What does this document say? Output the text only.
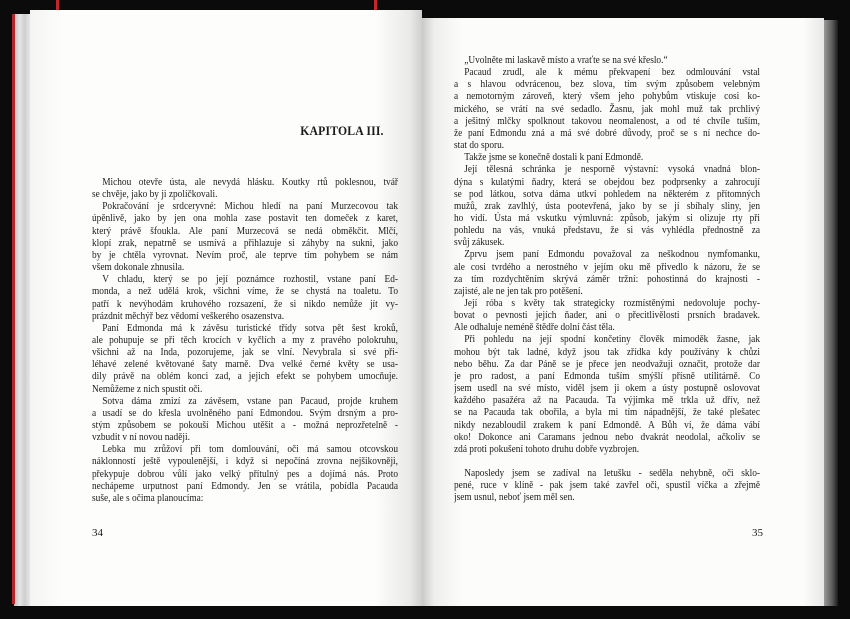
KAPITOLA III.
Michou otevře ústa, ale nevydá hlásku. Koutky rtů poklesnou, tvář
se chvěje, jako by ji zpolíčkovali.
Pokračování je srdceryvné: Michou hledí na paní Murzecovou tak
úpěnlivě, jako by jen ona mohla zase postavit ten domeček z karet,
který právě šfoukla. Ale paní Murzecová se nedá obměkčit. Mlčí,
klopí zrak, nepatrně se usmívá a přihlazuje si záhyby na sukni, jako
by je chtěla vyrovnat. Nevím proč, ale teprve tím pohybem se nám
všem dokonale zhnusila.
V chladu, který se po její poznámce rozhostil, vstane paní Ed-
monda, a než udělá krok, všichni víme, že se chystá na toaletu. To
patří k nevýhodám kruhového rozsazení, že si nikdo nemůže jít vy-
prázdnit měchýř bez vědomí veškerého osazenstva.
Paní Edmonda má k závěsu turistické třídy sotva pět šest kroků,
ale pohupuje se při těch krocích v kyčlích a my z pravého polokruhu,
všichni až na Inda, pozorujeme, jak se vlní. Nevybrala si své při-
léhavé zelené květované šaty marně. Dva velké černé květy se usa-
dily právě na oblém konci zad, a jejich efekt se pohybem umocňuje.
Nemůžeme z nich spustit oči.
Sotva dáma zmizí za závěsem, vstane pan Pacaud, projde kruhem
a usadí se do křesla uvolněného paní Edmondou. Svým drsným a pro-
stým způsobem se pokouší Michou utěšit a - možná neprozřetelně -
vzbudit v ní novou naději.
Lebka mu zrůžoví při tom domlouvání, oči má samou otcovskou
náklonností ještě vypoulenější, i když si nepočíná zrovna nejšikovněji,
překypuje dobrou vůlí jako velký přítulný pes a dojímá nás. Proto
nechápeme urputnost paní Edmondy. Jen se vrátila, pobídla Pacauda
suše, ale s očima planoucíma:
34
„Uvolněte mi laskavě místo a vraťte se na své křeslo.“
Pacaud zrudl, ale k mému překvapení bez odmlouvání vstal
a s hlavou odvrácenou, bez slova, tím svým způsobem velebným
a nemotorným zároveň, který všem jeho pohybům vtiskuje cosi ko-
mického, se vrátí na své sedadlo. Žasnu, jak mohl muž tak prchlivý
a ješitný mlčky spolknout takovou neomalenost, a od té chvíle tuším,
že paní Edmondu zná a má své dobré důvody, proč se s ní nechce do-
stat do sporu.
Takže jsme se konečně dostali k paní Edmondě.
Její tělesná schránka je nesporně výstavní: vysoká vnadná blon-
dýna s kulatými ňadry, která se obejdou bez podprsenky a zahrocují
se pod látkou, sotva dáma utkví pohledem na některém z přítomných
mužů, zrak zavlhlý, ústa pootevřená, jako by se jí sbíhaly sliny, jen
ho vidí. Ústa má vskutku výmluvná: způsob, jakým si olizuje rty při
pohledu na vás, vnuká představu, že si vás vyhlédla přednostně za
svůj zákusek.
Zprvu jsem paní Edmondu považoval za neškodnou nymfomanku,
ale cosi tvrdého a nerostného v jejím oku mě přivedlo k názoru, že se
za tím rozdychtěním skrývá záměr tržní: pohostinná do krajnosti -
zajisté, ale ne jen tak pro potěšení.
Její róba s květy tak strategicky rozmístěnými nedovoluje pochy-
bovat o pevnosti jejích ňader, ani o přecitlivělosti prsních bradavek.
Ale odhaluje neméně štědře dolní část těla.
Při pohledu na její spodní končetiny člověk mimoděk žasne, jak
mohou být tak ladné, když jsou tak zřídka kdy používány k chůzi
nebo běhu. Za dar Páně se je přece jen neodvažuji označit, protože dar
je pro radost, a paní Edmonda tuším smýšlí přísně utilitárně. Co
jsem usedl na své místo, viděl jsem ji okem a ústy postupně oslovovat
každého pasažéra až na Pacauda. Ta výjimka mě trkla už dřív, než
se na Pacauda tak obořila, a byla mi tím nápadnější, že také plešatec
nikdy nezabloudil zrakem k paní Edmondě. A Bůh ví, že dáma vábí
oko! Dokonce ani Caramans jednou nebo dvakrát neodolal, ačkoliv se
zdá proti pokušení tohoto druhu dobře vyzbrojen.
Naposledy jsem se zadíval na letušku - seděla nehybně, oči sklo-
pené, ruce v klíně - pak jsem také zavřel oči, spustil víčka a zřejmě
jsem usnul, neboť jsem měl sen.
35
